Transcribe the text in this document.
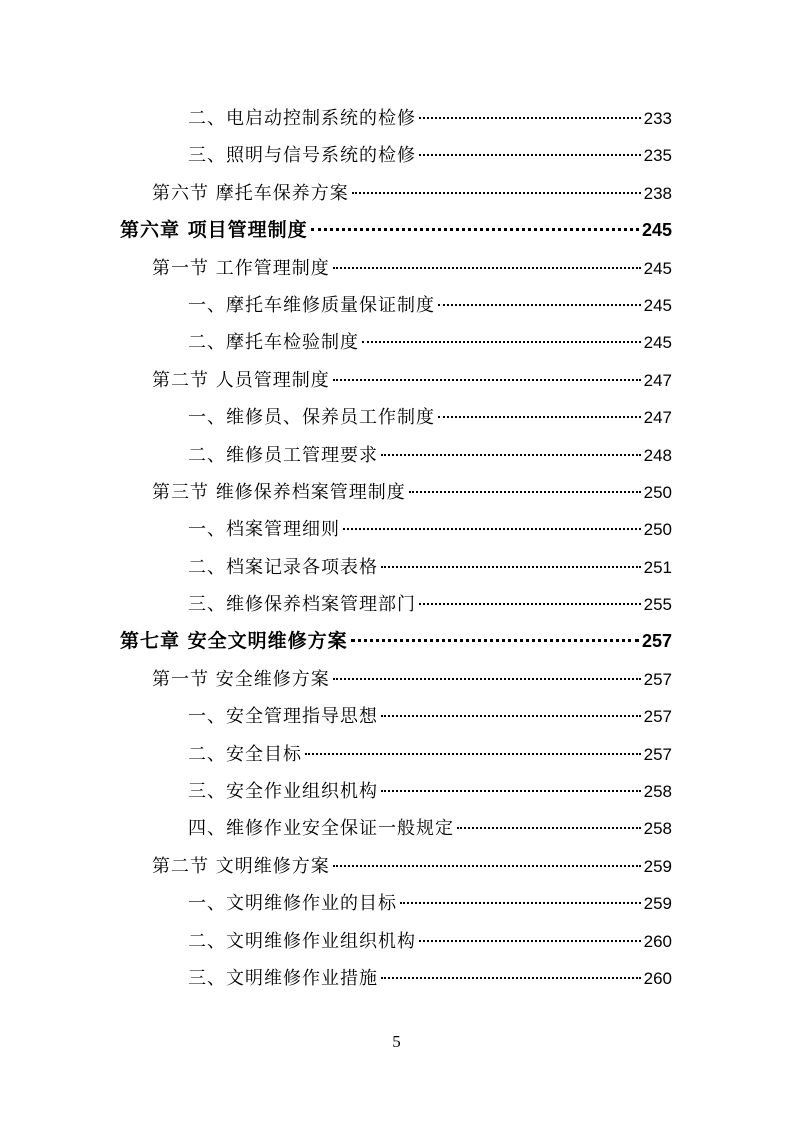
二、电启动控制系统的检修	233
三、照明与信号系统的检修	235
第六节 摩托车保养方案	238
第六章 项目管理制度	245
第一节 工作管理制度	245
一、摩托车维修质量保证制度	245
二、摩托车检验制度	245
第二节 人员管理制度	247
一、维修员、保养员工作制度	247
二、维修员工管理要求	248
第三节 维修保养档案管理制度	250
一、档案管理细则	250
二、档案记录各项表格	251
三、维修保养档案管理部门	255
第七章 安全文明维修方案	257
第一节 安全维修方案	257
一、安全管理指导思想	257
二、安全目标	257
三、安全作业组织机构	258
四、维修作业安全保证一般规定	258
第二节 文明维修方案	259
一、文明维修作业的目标	259
二、文明维修作业组织机构	260
三、文明维修作业措施	260
5
